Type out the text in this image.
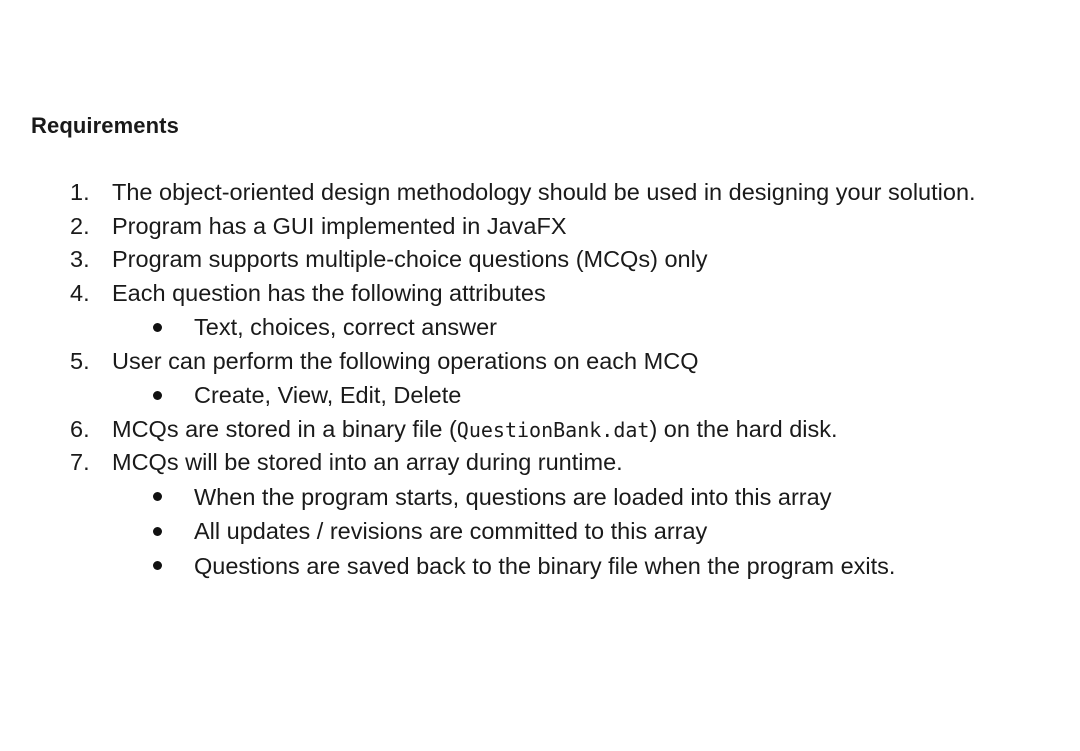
Requirements
1. The object-oriented design methodology should be used in designing your solution.
2. Program has a GUI implemented in JavaFX
3. Program supports multiple-choice questions (MCQs) only
4. Each question has the following attributes
Text, choices, correct answer
5. User can perform the following operations on each MCQ
Create, View, Edit, Delete
6. MCQs are stored in a binary file (QuestionBank.dat) on the hard disk.
7. MCQs will be stored into an array during runtime.
When the program starts, questions are loaded into this array
All updates / revisions are committed to this array
Questions are saved back to the binary file when the program exits.
